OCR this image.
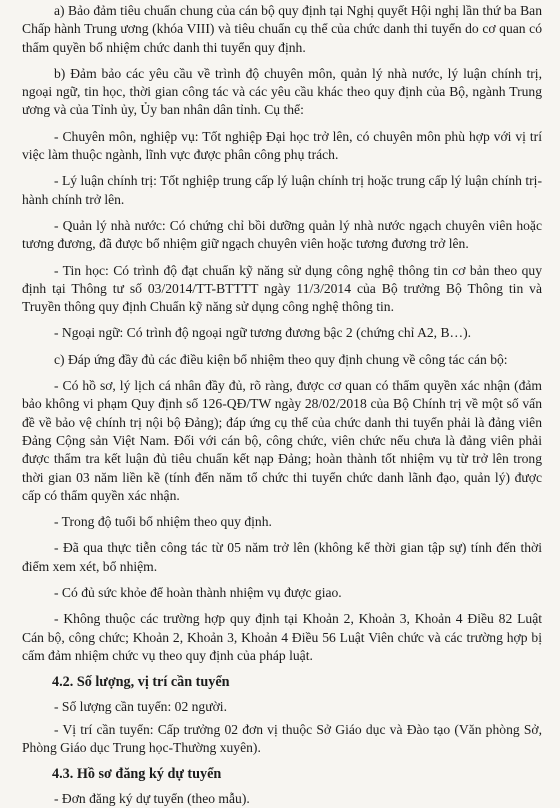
a) Bảo đảm tiêu chuẩn chung của cán bộ quy định tại Nghị quyết Hội nghị lần thứ ba Ban Chấp hành Trung ương (khóa VIII) và tiêu chuẩn cụ thể của chức danh thi tuyển do cơ quan có thẩm quyền bổ nhiệm chức danh thi tuyển quy định.

b) Đảm bảo các yêu cầu về trình độ chuyên môn, quản lý nhà nước, lý luận chính trị, ngoại ngữ, tin học, thời gian công tác và các yêu cầu khác theo quy định của Bộ, ngành Trung ương và của Tỉnh ủy, Ủy ban nhân dân tỉnh. Cụ thể:

- Chuyên môn, nghiệp vụ: Tốt nghiệp Đại học trở lên, có chuyên môn phù hợp với vị trí việc làm thuộc ngành, lĩnh vực được phân công phụ trách.

- Lý luận chính trị: Tốt nghiệp trung cấp lý luận chính trị hoặc trung cấp lý luận chính trị-hành chính trở lên.

- Quản lý nhà nước: Có chứng chỉ bồi dưỡng quản lý nhà nước ngạch chuyên viên hoặc tương đương, đã được bổ nhiệm giữ ngạch chuyên viên hoặc tương đương trở lên.

- Tin học: Có trình độ đạt chuẩn kỹ năng sử dụng công nghệ thông tin cơ bản theo quy định tại Thông tư số 03/2014/TT-BTTTT ngày 11/3/2014 của Bộ trưởng Bộ Thông tin và Truyền thông quy định Chuẩn kỹ năng sử dụng công nghệ thông tin.

- Ngoại ngữ: Có trình độ ngoại ngữ tương đương bậc 2 (chứng chỉ A2, B…).

c) Đáp ứng đầy đủ các điều kiện bổ nhiệm theo quy định chung về công tác cán bộ:

- Có hồ sơ, lý lịch cá nhân đầy đủ, rõ ràng, được cơ quan có thẩm quyền xác nhận (đảm bảo không vi phạm Quy định số 126-QĐ/TW ngày 28/02/2018 của Bộ Chính trị về một số vấn đề về bảo vệ chính trị nội bộ Đảng); đáp ứng cụ thể của chức danh thi tuyển phải là đảng viên Đảng Cộng sản Việt Nam. Đối với cán bộ, công chức, viên chức nếu chưa là đảng viên phải được thẩm tra kết luận đủ tiêu chuẩn kết nạp Đảng; hoàn thành tốt nhiệm vụ từ trở lên trong thời gian 03 năm liền kề (tính đến năm tổ chức thi tuyển chức danh lãnh đạo, quản lý) được cấp có thẩm quyền xác nhận.

- Trong độ tuổi bổ nhiệm theo quy định.

- Đã qua thực tiễn công tác từ 05 năm trở lên (không kể thời gian tập sự) tính đến thời điểm xem xét, bổ nhiệm.

- Có đủ sức khỏe để hoàn thành nhiệm vụ được giao.

- Không thuộc các trường hợp quy định tại Khoản 2, Khoản 3, Khoản 4 Điều 82 Luật Cán bộ, công chức; Khoản 2, Khoản 3, Khoản 4 Điều 56 Luật Viên chức và các trường hợp bị cấm đảm nhiệm chức vụ theo quy định của pháp luật.

4.2. Số lượng, vị trí cần tuyển

- Số lượng cần tuyển: 02 người.

- Vị trí cần tuyển: Cấp trưởng 02 đơn vị thuộc Sở Giáo dục và Đào tạo (Văn phòng Sở, Phòng Giáo dục Trung học-Thường xuyên).

4.3. Hồ sơ đăng ký dự tuyển

- Đơn đăng ký dự tuyển (theo mẫu).
